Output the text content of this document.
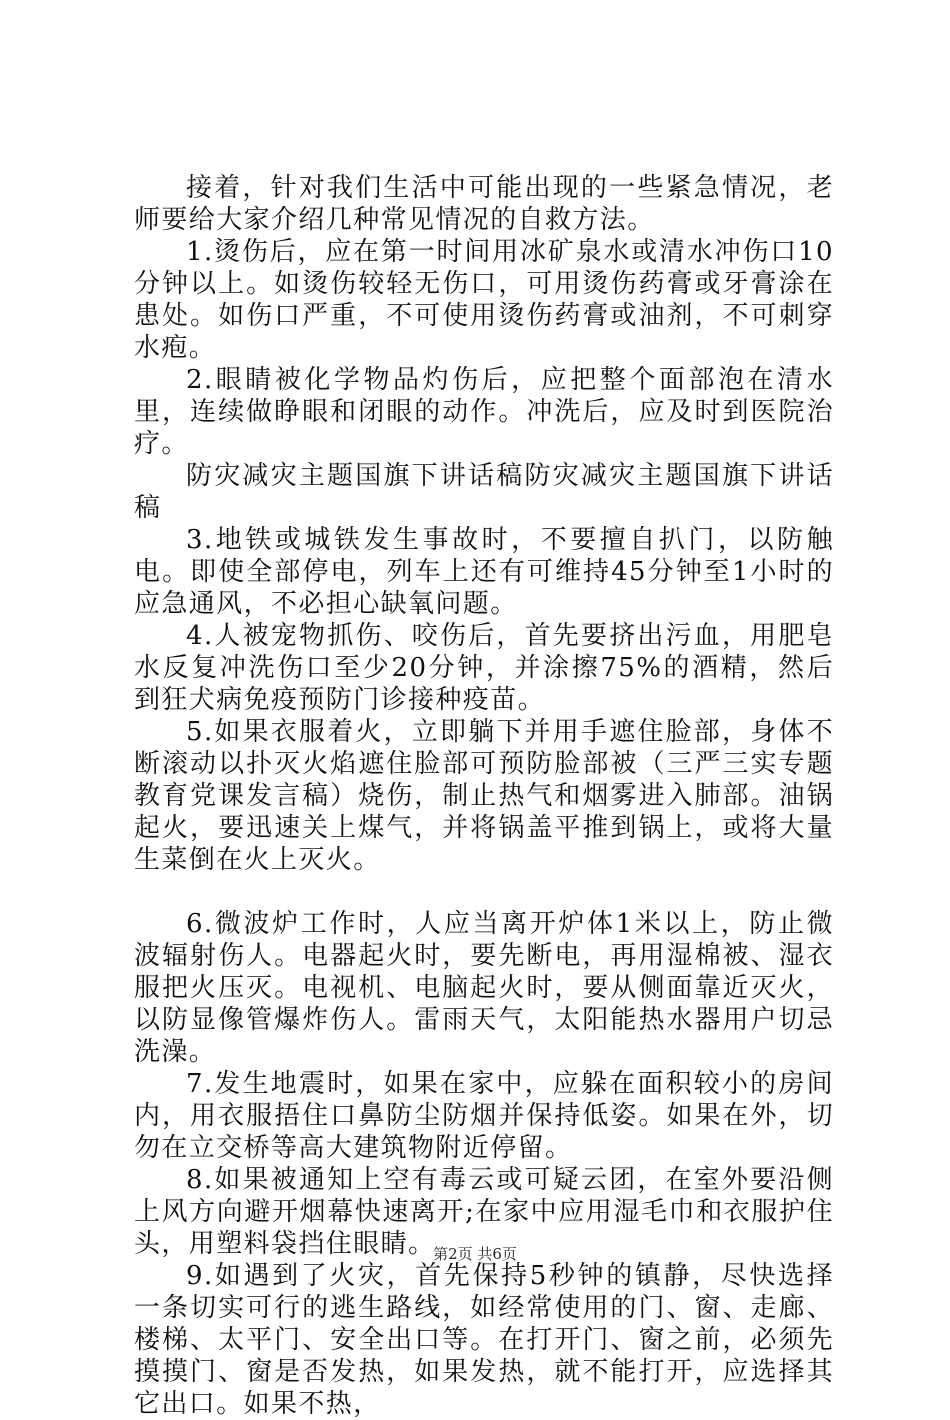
接着，针对我们生活中可能出现的一些紧急情况，老师要给大家介绍几种常见情况的自救方法。

1.烫伤后，应在第一时间用冰矿泉水或清水冲伤口10分钟以上。如烫伤较轻无伤口，可用烫伤药膏或牙膏涂在患处。如伤口严重，不可使用烫伤药膏或油剂，不可刺穿水疱。

2.眼睛被化学物品灼伤后，应把整个面部泡在清水里，连续做睁眼和闭眼的动作。冲洗后，应及时到医院治疗。

防灾减灾主题国旗下讲话稿防灾减灾主题国旗下讲话稿

3.地铁或城铁发生事故时，不要擅自扒门，以防触电。即使全部停电，列车上还有可维持45分钟至1小时的应急通风，不必担心缺氧问题。

4.人被宠物抓伤、咬伤后，首先要挤出污血，用肥皂水反复冲洗伤口至少20分钟，并涂擦75%的酒精，然后到狂犬病免疫预防门诊接种疫苗。

5.如果衣服着火，立即躺下并用手遮住脸部，身体不断滚动以扑灭火焰遮住脸部可预防脸部被（三严三实专题教育党课发言稿）烧伤，制止热气和烟雾进入肺部。油锅起火，要迅速关上煤气，并将锅盖平推到锅上，或将大量生菜倒在火上灭火。

6.微波炉工作时，人应当离开炉体1米以上，防止微波辐射伤人。电器起火时，要先断电，再用湿棉被、湿衣服把火压灭。电视机、电脑起火时，要从侧面靠近灭火，以防显像管爆炸伤人。雷雨天气，太阳能热水器用户切忌洗澡。

7.发生地震时，如果在家中，应躲在面积较小的房间内，用衣服捂住口鼻防尘防烟并保持低姿。如果在外，切勿在立交桥等高大建筑物附近停留。

8.如果被通知上空有毒云或可疑云团，在室外要沿侧上风方向避开烟幕快速离开;在家中应用湿毛巾和衣服护住头，用塑料袋挡住眼睛。

9.如遇到了火灾，首先保持5秒钟的镇静，尽快选择一条切实可行的逃生路线，如经常使用的门、窗、走廊、楼梯、太平门、安全出口等。在打开门、窗之前，必须先摸摸门、窗是否发热，如果发热，就不能打开，应选择其它出口。如果不热，

第2页 共6页
